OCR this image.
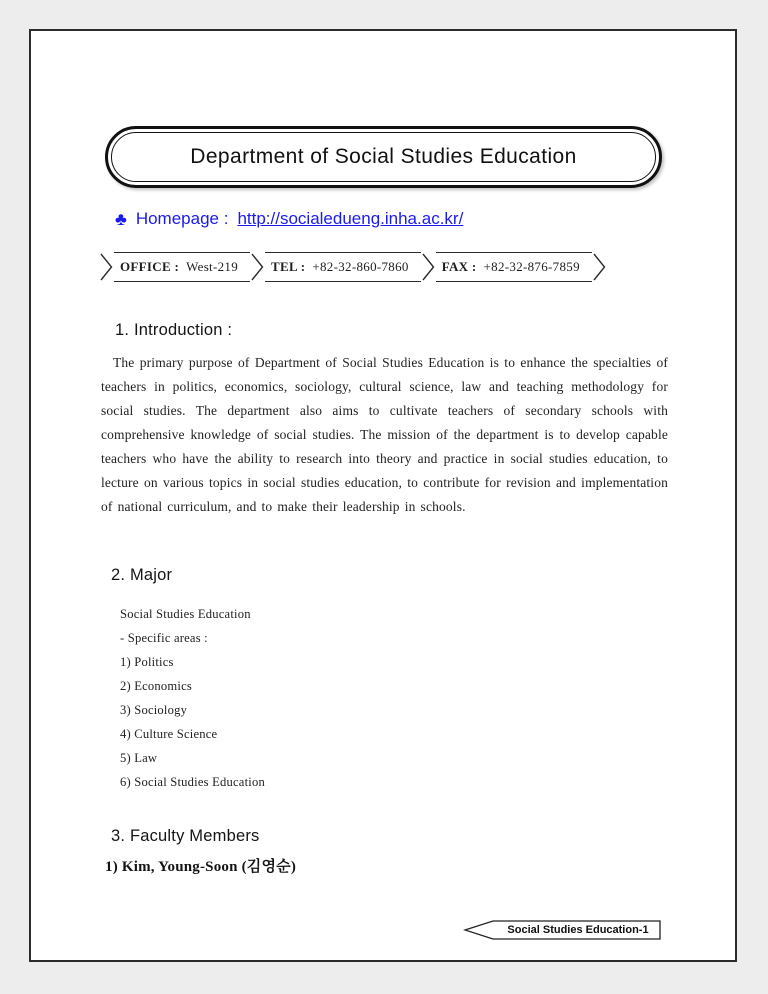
Department of Social Studies Education
♣ Homepage : http://socialedueng.inha.ac.kr/
OFFICE : West-219	TEL : +82-32-860-7860	FAX : +82-32-876-7859
1. Introduction :
The primary purpose of Department of Social Studies Education is to enhance the specialties of teachers in politics, economics, sociology, cultural science, law and teaching methodology for social studies. The department also aims to cultivate teachers of secondary schools with comprehensive knowledge of social studies. The mission of the department is to develop capable teachers who have the ability to research into theory and practice in social studies education, to lecture on various topics in social studies education, to contribute for revision and implementation of national curriculum, and to make their leadership in schools.
2. Major
Social Studies Education
- Specific areas :
1) Politics
2) Economics
3) Sociology
4) Culture Science
5) Law
6) Social Studies Education
3. Faculty Members
1) Kim, Young-Soon (김영순)
Social Studies Education-1
